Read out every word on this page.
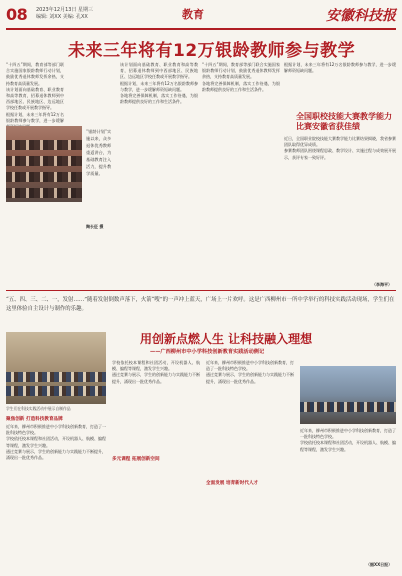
08 2023年12月13日 星期三
编辑: 刘XX 美编: 孔XX	教育	安徽科技报
未来三年将有12万银龄教师参与教学
“十四五”期间，教育部等部门联合实施国家银龄教师行动计划，鼓励优秀退休教师发挥余热，支持教育高质量发展。
该计划面向基础教育、职业教育和高等教育，招募退休教师到中西部地区、民族地区、边远地区学校任教或开展教学指导。
根据计划，未来三年将有12万名银龄教师参与教学，进一步缓解
“银龄计划”实施以来，众多退休优秀教师重返讲台，为基础教育注入活力，提升教学质量。
陶长征 摄
该计划面向基础教育、职业教育和高等教育，招募退休教师到中西部地区、民族地区、边远地区学校任教或开展教学指导。
根据计划，未来三年将有12万名银龄教师参与教学，进一步缓解师资短缺问题。
各地将完善保障机制，落实工作待遇，为银龄教师提供良好的工作和生活条件。
“十四五”期间，教育部等部门联合实施国家银龄教师行动计划，鼓励优秀退休教师发挥余热，支持教育高质量发展。
各地将完善保障机制，落实工作待遇，为银龄教师提供良好的工作和生活条件。
根据计划，未来三年将有12万名银龄教师参与教学，进一步缓解师资短缺问题。
全国职校技能大赛教学能力比赛安徽省获佳绩
近日，全国职业院校技能大赛教学能力比赛结果揭晓，我省参赛团队取得优异成绩。
参赛教师团队围绕课程思政、教学设计、实施过程与成效展开展示，获评专家一致好评。
（李海平）
“五、四、三、二、一，发射……”随着发射倒数声落下，火箭“嗖”的一声冲上蓝天，广场上一片欢呼。这是广西柳州市一所中学举行的科技实践活动现场，学生们在这里体验自主设计与制作的乐趣。
用创新点燃人生 让科技融入理想
——广西柳州市中小学科技创新教育实践活动侧记
学生们在科技实践活动中展示自制作品
聚焦创新 打造科技教育品牌
近年来，柳州市积极推进中小学科技创新教育，打造了一批科技特色学校。
学校依托校本课程和社团活动，开设机器人、航模、编程等课程，激发学生兴趣。
通过竞赛与展示，学生的创新能力与实践能力不断提升，涌现出一批优秀作品。
学校依托校本课程和社团活动，开设机器人、航模、编程等课程，激发学生兴趣。
通过竞赛与展示，学生的创新能力与实践能力不断提升，涌现出一批优秀作品。
多元课程 拓展创新空间
近年来，柳州市积极推进中小学科技创新教育，打造了一批科技特色学校。
通过竞赛与展示，学生的创新能力与实践能力不断提升，涌现出一批优秀作品。
全面发展 培育新时代人才
近年来，柳州市积极推进中小学科技创新教育，打造了一批科技特色学校。
学校依托校本课程和社团活动，开设机器人、航模、编程等课程，激发学生兴趣。
（据XX日报）
